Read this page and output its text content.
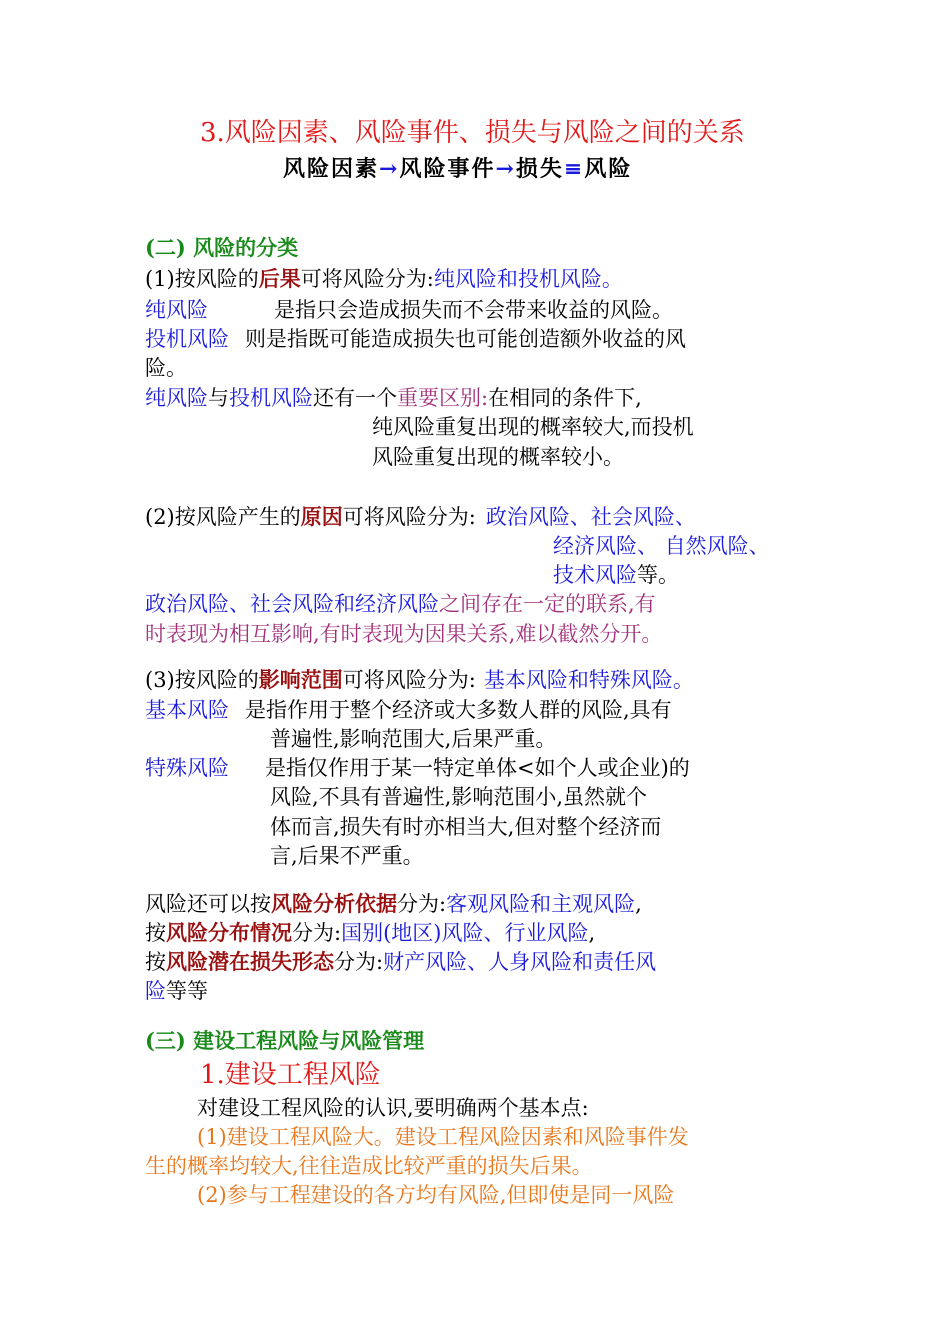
3.风险因素、风险事件、损失与风险之间的关系
风险因素→风险事件→损失≡风险
(二) 风险的分类
(1)按风险的后果可将风险分为:纯风险和投机风险。
纯风险	是指只会造成损失而不会带来收益的风险。
投机风险 则是指既可能造成损失也可能创造额外收益的风
险。
纯风险与投机风险还有一个重要区别:在相同的条件下,
纯风险重复出现的概率较大,而投机
风险重复出现的概率较小。
(2)按风险产生的原因可将风险分为: 政治风险、社会风险、
经济风险、 自然风险、
技术风险等。
政治风险、社会风险和经济风险之间存在一定的联系,有
时表现为相互影响,有时表现为因果关系,难以截然分开。
(3)按风险的影响范围可将风险分为: 基本风险和特殊风险。
基本风险 是指作用于整个经济或大多数人群的风险,具有
普遍性,影响范围大,后果严重。
特殊风险 是指仅作用于某一特定单体<如个人或企业)的
风险,不具有普遍性,影响范围小,虽然就个
体而言,损失有时亦相当大,但对整个经济而
言,后果不严重。
风险还可以按风险分析依据分为:客观风险和主观风险,
按风险分布情况分为:国别(地区)风险、行业风险,
按风险潜在损失形态分为:财产风险、人身风险和责任风
险等等
(三) 建设工程风险与风险管理
1.建设工程风险
对建设工程风险的认识,要明确两个基本点:
(1)建设工程风险大。建设工程风险因素和风险事件发
生的概率均较大,往往造成比较严重的损失后果。
(2)参与工程建设的各方均有风险,但即使是同一风险
